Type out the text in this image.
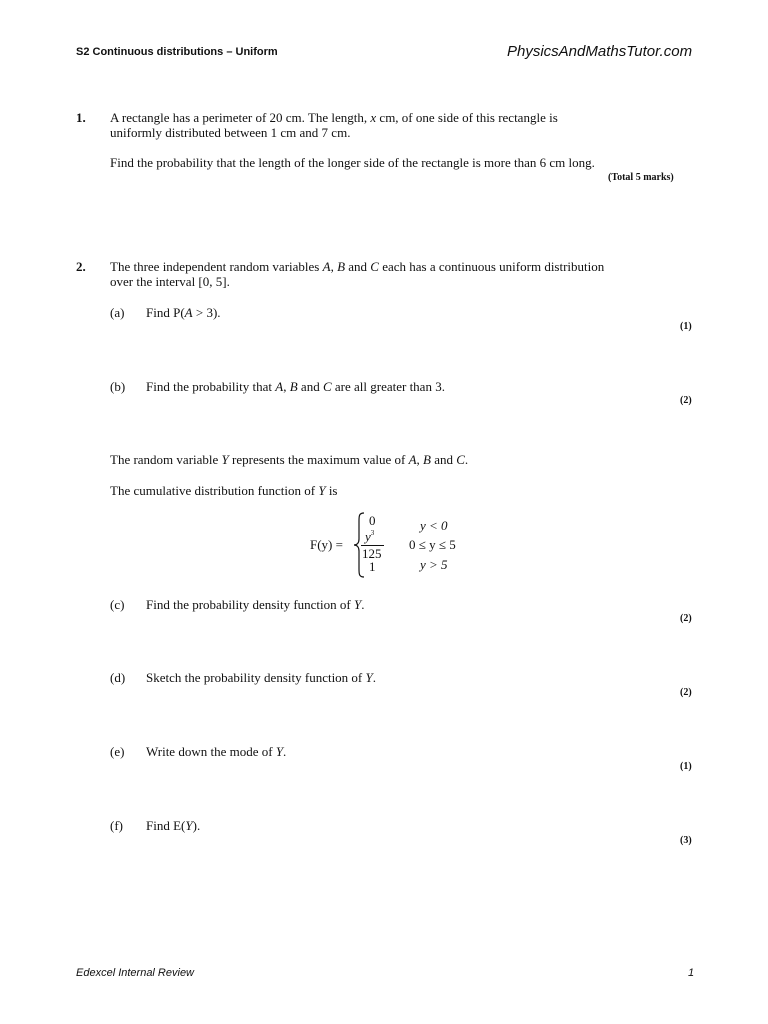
S2 Continuous distributions – Uniform	PhysicsAndMathsTutor.com
1. A rectangle has a perimeter of 20 cm. The length, x cm, of one side of this rectangle is
uniformly distributed between 1 cm and 7 cm.
Find the probability that the length of the longer side of the rectangle is more than 6 cm long.
(Total 5 marks)
2. The three independent random variables A, B and C each has a continuous uniform distribution
over the interval [0, 5].
(a) Find P(A > 3).
(1)
(b) Find the probability that A, B and C are all greater than 3.
(2)
The random variable Y represents the maximum value of A, B and C.
The cumulative distribution function of Y is
F(y) =
0
$y^3$
125
1
y < 0
0 ≤ y ≤ 5
y > 5
(c) Find the probability density function of Y.
(2)
(d) Sketch the probability density function of Y.
(2)
(e) Write down the mode of Y.
(1)
(f) Find E(Y).
(3)
Edexcel Internal Review	1
